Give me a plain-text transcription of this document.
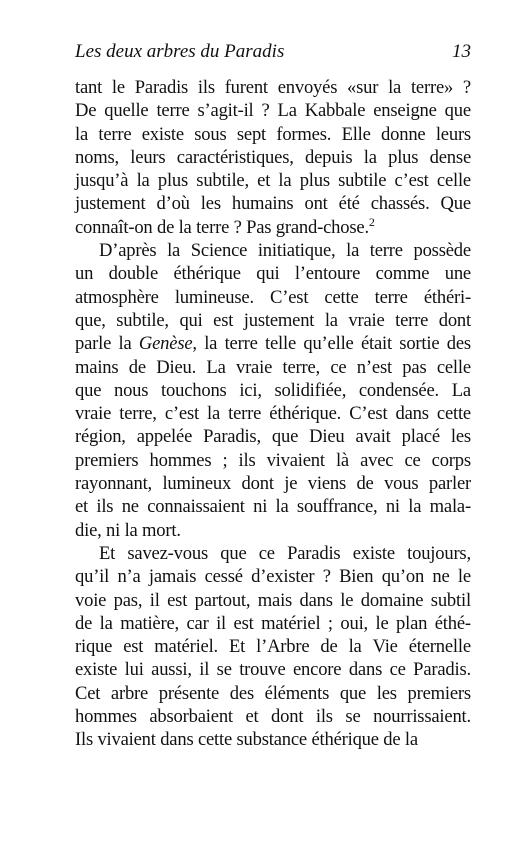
Les deux arbres du Paradis	13
tant le Paradis ils furent envoyés «sur la terre» ?
De quelle terre s’agit-il ? La Kabbale enseigne que
la terre existe sous sept formes. Elle donne leurs
noms, leurs caractéristiques, depuis la plus dense
jusqu’à la plus subtile, et la plus subtile c’est celle
justement d’où les humains ont été chassés. Que
connaît-on de la terre ? Pas grand-chose.$^2$
D’après la Science initiatique, la terre possède
un double éthérique qui l’entoure comme une
atmosphère lumineuse. C’est cette terre éthéri-
que, subtile, qui est justement la vraie terre dont
parle la Genèse, la terre telle qu’elle était sortie des
mains de Dieu. La vraie terre, ce n’est pas celle
que nous touchons ici, solidifiée, condensée. La
vraie terre, c’est la terre éthérique. C’est dans cette
région, appelée Paradis, que Dieu avait placé les
premiers hommes ; ils vivaient là avec ce corps
rayonnant, lumineux dont je viens de vous parler
et ils ne connaissaient ni la souffrance, ni la mala-
die, ni la mort.
Et savez-vous que ce Paradis existe toujours,
qu’il n’a jamais cessé d’exister ? Bien qu’on ne le
voie pas, il est partout, mais dans le domaine subtil
de la matière, car il est matériel ; oui, le plan éthé-
rique est matériel. Et l’Arbre de la Vie éternelle
existe lui aussi, il se trouve encore dans ce Paradis.
Cet arbre présente des éléments que les premiers
hommes absorbaient et dont ils se nourrissaient.
Ils vivaient dans cette substance éthérique de la
